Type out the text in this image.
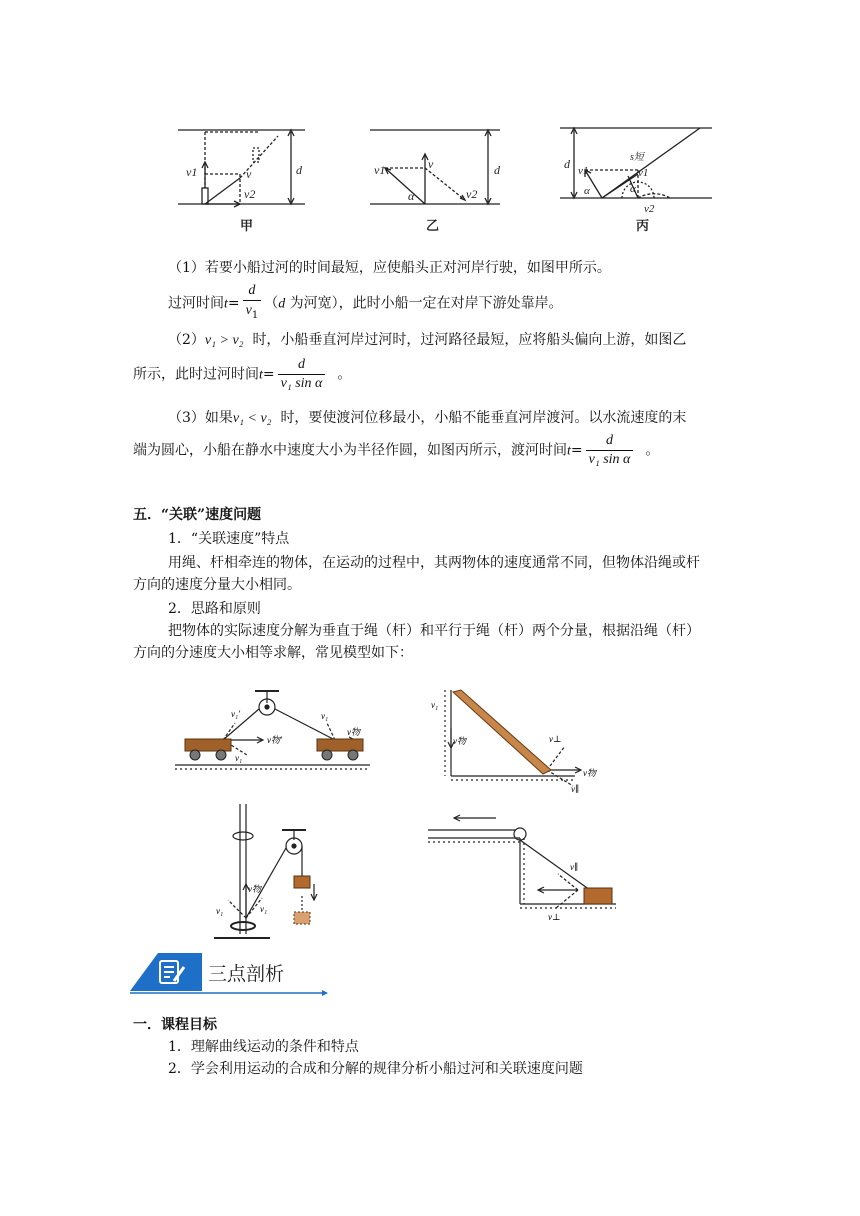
v1	v
v2
d
甲
v1	v
α	v2
d
乙
d v1
α
s短
v1
α
v2
丙
（1）若要小船过河的时间最短，应使船头正对河岸行驶，如图甲所示。
过河时间$t= \frac{d}{v_1} (d$ 为河宽），此时小船一定在对岸下游处靠岸。
（2）v₁ > v₂ 时，小船垂直河岸过河时，过河路径最短，应将船头偏向上游，如图乙
所示，此时过河时间$t= \frac{d}{\text{v₁ sin α}}$ 。
（3）如果v₁ < v₂ 时，要使渡河位移最小，小船不能垂直河岸渡河。以水流速度的末
端为圆心，小船在静水中速度大小为半径作圆，如图丙所示，渡河时间$t= \frac{d}{\text{v₁ sin α}}$ 。
五．“关联”速度问题
1．“关联速度”特点
用绳、杆相牵连的物体，在运动的过程中，其两物体的速度通常不同，但物体沿绳或杆
方向的速度分量大小相同。
2．思路和原则
把物体的实际速度分解为垂直于绳（杆）和平行于绳（杆）两个分量，根据沿绳（杆）
方向的分速度大小相等求解，常见模型如下：
v₁′
v物′
v₁
v₁
v物
v₁
v物	v⊥
v物
v∥
v物
v₁	v₁
v∥
v⊥
三点剖析
一．课程目标
1．理解曲线运动的条件和特点
2．学会利用运动的合成和分解的规律分析小船过河和关联速度问题
